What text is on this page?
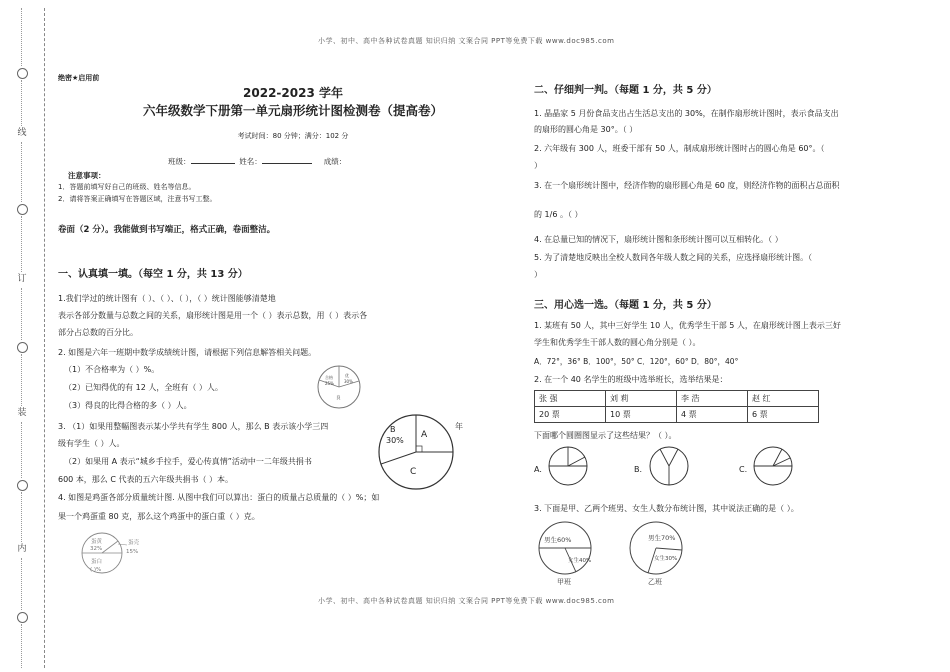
小学、初中、高中各种试卷真题 知识归纳 文案合同 PPT等免费下载 www.doc985.com
小学、初中、高中各种试卷真题 知识归纳 文案合同 PPT等免费下载 www.doc985.com
线
订
装
内
绝密★启用前
2022-2023 学年
六年级数学下册第一单元扇形统计图检测卷（提高卷）
考试时间：80 分钟；满分：102 分
班级：	姓名：	成绩：
注意事项：
1．答题前填写好自己的班级、姓名等信息。
2．请将答案正确填写在答题区域，注意书写工整。
卷面（2 分）。我能做到书写端正，格式正确，卷面整洁。
一、认真填一填。（每空 1 分，共 13 分）
1.我们学过的统计图有（ ）、（ ）、（ ），（ ）统计图能够清楚地
表示各部分数量与总数之间的关系，扇形统计图是用一个（ ）表示总数，用（ ）表示各
部分占总数的百分比。
2. 如图是六年一班期中数学成绩统计图，请根据下列信息解答相关问题。
（1）不合格率为（ ）%。
（2）已知得优的有 12 人，全班有（ ）人。
（3）得良的比得合格的多（ ）人。
合格
25%
优
30%
良
3. （1）如果用整幅图表示某小学共有学生 800 人，那么 B 表示该小学三四	年
级有学生（ ）人。
（2）如果用 A 表示“城乡手拉手，爱心传真情”活动中一二年级共捐书
600 本，那么 C 代表的五六年级共捐书（ ）本。
B
30%
A
C
4. 如图是鸡蛋各部分质量统计图. 从图中我们可以算出：蛋白的质量占总质量的（ ）%；如
果一个鸡蛋重 80 克，那么这个鸡蛋中的蛋白重（ ）克。
蛋黄
32%
蛋白
( )%
蛋壳
15%
二、仔细判一判。（每题 1 分，共 5 分）
1. 晶晶家 5 月份食品支出占生活总支出的 30%，在制作扇形统计图时，表示食品支出
的扇形的圆心角是 30°。（ ）
2. 六年级有 300 人，班委干部有 50 人，制成扇形统计图时占的圆心角是 60°。（
）
3. 在一个扇形统计图中，经济作物的扇形圆心角是 60 度，则经济作物的面积占总面积
的 1/6 。（ ）
4. 在总量已知的情况下，扇形统计图和条形统计图可以互相转化。（ ）
5. 为了清楚地反映出全校人数同各年级人数之间的关系，应选择扇形统计图。（
）
三、用心选一选。（每题 1 分，共 5 分）
1. 某班有 50 人，其中三好学生 10 人，优秀学生干部 5 人，在扇形统计图上表示三好
学生和优秀学生干部人数的圆心角分别是（ ）。
A．72°，36° B．100°，50° C．120°，60° D．80°，40°
2. 在一个 40 名学生的班级中选举班长，选举结果是：
张 强	刘 莉	李 浩	赵 红
20 票	10 票	4 票	6 票
下面哪个圆圈图显示了这些结果？（ ）。
A.	B.	C.
3. 下面是甲、乙两个班男、女生人数分布统计图，其中说法正确的是（ ）。
男生60%
女生40%
甲班
男生70%
女生30%
乙班
